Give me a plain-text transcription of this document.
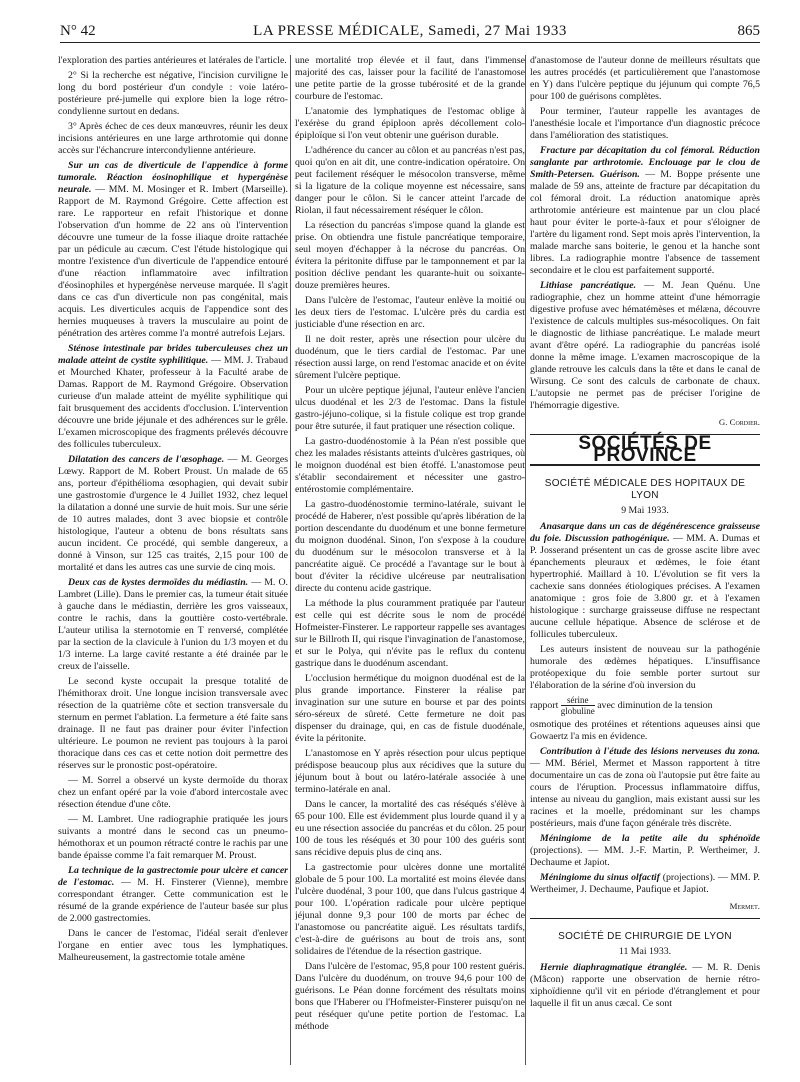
N° 42	LA PRESSE MÉDICALE, Samedi, 27 Mai 1933	865

l'exploration des parties antérieures et latérales de l'article.

2° Si la recherche est négative, l'incision curviligne le long du bord postérieur d'un condyle : voie latéro-postérieure pré-jumelle qui explore bien la loge rétro-condylienne surtout en dedans.

3° Après échec de ces deux manœuvres, réunir les deux incisions antérieures en une large arthrotomie qui donne accès sur l'échancrure intercondylienne antérieure.

Sur un cas de diverticule de l'appendice à forme tumorale. Réaction éosinophilique et hypergénèse neurale. — MM. M. Mosinger et R. Imbert (Marseille). Rapport de M. Raymond Grégoire. Cette affection est rare. Le rapporteur en refait l'historique et donne l'observation d'un homme de 22 ans où l'intervention découvre une tumeur de la fosse iliaque droite rattachée par un pédicule au cæcum. C'est l'étude histologique qui montre l'existence d'un diverticule de l'appendice entouré d'une réaction inflammatoire avec infiltration d'éosinophiles et hypergénèse nerveuse marquée. Il s'agit dans ce cas d'un diverticule non pas congénital, mais acquis. Les diverticules acquis de l'appendice sont des hernies muqueuses à travers la musculaire au point de pénétration des artères comme l'a montré autrefois Lejars.

Sténose intestinale par brides tuberculeuses chez un malade atteint de cystite syphilitique. — MM. J. Trabaud et Mourched Khater, professeur à la Faculté arabe de Damas. Rapport de M. Raymond Grégoire. Observation curieuse d'un malade atteint de myélite syphilitique qui fait brusquement des accidents d'occlusion. L'intervention découvre une bride jéjunale et des adhérences sur le grêle. L'examen microscopique des fragments prélevés découvre des follicules tuberculeux.

Dilatation des cancers de l'œsophage. — M. Georges Lœwy. Rapport de M. Robert Proust. Un malade de 65 ans, porteur d'épithélioma œsophagien, qui devait subir une gastrostomie d'urgence le 4 Juillet 1932, chez lequel la dilatation a donné une survie de huit mois. Sur une série de 10 autres malades, dont 3 avec biopsie et contrôle histologique, l'auteur a obtenu de bons résultats sans aucun incident. Ce procédé, qui semble dangereux, a donné à Vinson, sur 125 cas traités, 2,15 pour 100 de mortalité et dans les autres cas une survie de cinq mois.

Deux cas de kystes dermoïdes du médiastin. — M. O. Lambret (Lille). Dans le premier cas, la tumeur était située à gauche dans le médiastin, derrière les gros vaisseaux, contre le rachis, dans la gouttière costo-vertébrale. L'auteur utilisa la sternotomie en T renversé, complétée par la section de la clavicule à l'union du 1/3 moyen et du 1/3 interne. La large cavité restante a été drainée par le creux de l'aisselle.

Le second kyste occupait la presque totalité de l'hémithorax droit. Une longue incision transversale avec résection de la quatrième côte et section transversale du sternum en permet l'ablation. La fermeture a été faite sans drainage. Il ne faut pas drainer pour éviter l'infection ultérieure. Le poumon ne revient pas toujours à la paroi thoracique dans ces cas et cette notion doit permettre des réserves sur le pronostic post-opératoire.

— M. Sorrel a observé un kyste dermoïde du thorax chez un enfant opéré par la voie d'abord intercostale avec résection étendue d'une côte.

— M. Lambret. Une radiographie pratiquée les jours suivants a montré dans le second cas un pneumo-hémothorax et un poumon rétracté contre le rachis par une bande épaisse comme l'a fait remarquer M. Proust.

La technique de la gastrectomie pour ulcère et cancer de l'estomac. — M. H. Finsterer (Vienne), membre correspondant étranger. Cette communication est le résumé de la grande expérience de l'auteur basée sur plus de 2.000 gastrectomies.

Dans le cancer de l'estomac, l'idéal serait d'enlever l'organe en entier avec tous les lymphatiques. Malheureusement, la gastrectomie totale amène

une mortalité trop élevée et il faut, dans l'immense majorité des cas, laisser pour la facilité de l'anastomose une petite partie de la grosse tubérosité et de la grande courbure de l'estomac.

L'anatomie des lymphatiques de l'estomac oblige à l'exérèse du grand épiploon après décollement colo-épiploïque si l'on veut obtenir une guérison durable.

L'adhérence du cancer au côlon et au pancréas n'est pas, quoi qu'on en ait dit, une contre-indication opératoire. On peut facilement réséquer le mésocolon transverse, même si la ligature de la colique moyenne est nécessaire, sans danger pour le côlon. Si le cancer atteint l'arcade de Riolan, il faut nécessairement réséquer le côlon.

La résection du pancréas s'impose quand la glande est prise. On obtiendra une fistule pancréatique temporaire, seul moyen d'échapper à la nécrose du pancréas. On évitera la péritonite diffuse par le tamponnement et par la position déclive pendant les quarante-huit ou soixante-douze premières heures.

Dans l'ulcère de l'estomac, l'auteur enlève la moitié ou les deux tiers de l'estomac. L'ulcère près du cardia est justiciable d'une résection en arc.

Il ne doit rester, après une résection pour ulcère du duodénum, que le tiers cardial de l'estomac. Par une résection aussi large, on rend l'estomac anacide et on évite sûrement l'ulcère peptique.

Pour un ulcère peptique jéjunal, l'auteur enlève l'ancien ulcus duodénal et les 2/3 de l'estomac. Dans la fistule gastro-jéjuno-colique, si la fistule colique est trop grande pour être suturée, il faut pratiquer une résection colique.

La gastro-duodénostomie à la Péan n'est possible que chez les malades résistants atteints d'ulcères gastriques, où le moignon duodénal est bien étoffé. L'anastomose peut s'établir secondairement et nécessiter une gastro-entérostomie complémentaire.

La gastro-duodénostomie termino-latérale, suivant le procédé de Haberer, n'est possible qu'après libération de la portion descendante du duodénum et une bonne fermeture du moignon duodénal. Sinon, l'on s'expose à la coudure du duodénum sur le mésocolon transverse et à la pancréatite aiguë. Ce procédé a l'avantage sur le bout à bout d'éviter la récidive ulcéreuse par neutralisation directe du contenu acide gastrique.

La méthode la plus couramment pratiquée par l'auteur est celle qui est décrite sous le nom de procédé Hofmeister-Finsterer. Le rapporteur rappelle ses avantages sur le Billroth II, qui risque l'invagination de l'anastomose, et sur le Polya, qui n'évite pas le reflux du contenu gastrique dans le duodénum ascendant.

L'occlusion hermétique du moignon duodénal est de la plus grande importance. Finsterer la réalise par invagination sur une suture en bourse et par des points séro-séreux de sûreté. Cette fermeture ne doit pas dispenser du drainage, qui, en cas de fistule duodénale, évite la péritonite.

L'anastomose en Y après résection pour ulcus peptique prédispose beaucoup plus aux récidives que la suture du jéjunum bout à bout ou latéro-latérale associée à une termino-latérale en anal.

Dans le cancer, la mortalité des cas réséqués s'élève à 65 pour 100. Elle est évidemment plus lourde quand il y a eu une résection associée du pancréas et du côlon. 25 pour 100 de tous les réséqués et 30 pour 100 des guéris sont sans récidive depuis plus de cinq ans.

La gastrectomie pour ulcères donne une mortalité globale de 5 pour 100. La mortalité est moins élevée dans l'ulcère duodénal, 3 pour 100, que dans l'ulcus gastrique 4 pour 100. L'opération radicale pour ulcère peptique jéjunal donne 9,3 pour 100 de morts par échec de l'anastomose ou pancréatite aiguë. Les résultats tardifs, c'est-à-dire de guérisons au bout de trois ans, sont solidaires de l'étendue de la résection gastrique.

Dans l'ulcère de l'estomac, 95,8 pour 100 restent guéris. Dans l'ulcère du duodénum, on trouve 94,6 pour 100 de guérisons. Le Péan donne forcément des résultats moins bons que l'Haberer ou l'Hofmeister-Finsterer puisqu'on ne peut réséquer qu'une petite portion de l'estomac. La méthode

d'anastomose de l'auteur donne de meilleurs résultats que les autres procédés (et particulièrement que l'anastomose en Y) dans l'ulcère peptique du jéjunum qui compte 76,5 pour 100 de guérisons complètes.

Pour terminer, l'auteur rappelle les avantages de l'anesthésie locale et l'importance d'un diagnostic précoce dans l'amélioration des statistiques.

Fracture par décapitation du col fémoral. Réduction sanglante par arthrotomie. Enclouage par le clou de Smith-Petersen. Guérison. — M. Boppe présente une malade de 59 ans, atteinte de fracture par décapitation du col fémoral droit. La réduction anatomique après arthrotomie antérieure est maintenue par un clou placé haut pour éviter le porte-à-faux et pour s'éloigner de l'artère du ligament rond. Sept mois après l'intervention, la malade marche sans boiterie, le genou et la hanche sont libres. La radiographie montre l'absence de tassement secondaire et le clou est parfaitement supporté.

Lithiase pancréatique. — M. Jean Quénu. Une radiographie, chez un homme atteint d'une hémorragie digestive profuse avec hématémèses et mélæna, découvre l'existence de calculs multiples sus-mésocoliques. On fait le diagnostic de lithiase pancréatique. Le malade meurt avant d'être opéré. La radiographie du pancréas isolé donne la même image. L'examen macroscopique de la glande retrouve les calculs dans la tête et dans le canal de Wirsung. Ce sont des calculs de carbonate de chaux. L'autopsie ne permet pas de préciser l'origine de l'hémorragie digestive.

G. Cordier.

SOCIÉTÉS DE PROVINCE

SOCIÉTÉ MÉDICALE DES HOPITAUX DE LYON

9 Mai 1933.

Anasarque dans un cas de dégénérescence graisseuse du foie. Discussion pathogénique. — MM. A. Dumas et P. Josserand présentent un cas de grosse ascite libre avec épanchements pleuraux et œdèmes, le foie étant hypertrophié. Maillard à 10. L'évolution se fit vers la cachexie sans données étiologiques précises. A l'examen anatomique : gros foie de 3.800 gr. et à l'examen histologique : surcharge graisseuse diffuse ne respectant aucune cellule hépatique. Absence de sclérose et de follicules tuberculeux.

Les auteurs insistent de nouveau sur la pathogénie humorale des œdèmes hépatiques. L'insuffisance protéopexique du foie semble porter surtout sur l'élaboration de la sérine d'où inversion du

rapport $\frac{\text{sérine}}{\text{globuline}}$ avec diminution de la tension

osmotique des protéines et rétentions aqueuses ainsi que Gowaertz l'a mis en évidence.

Contribution à l'étude des lésions nerveuses du zona. — MM. Bériel, Mermet et Masson rapportent à titre documentaire un cas de zona où l'autopsie put être faite au cours de l'éruption. Processus inflammatoire diffus, intense au niveau du ganglion, mais existant aussi sur les racines et la moelle, prédominant sur les champs postérieurs, mais d'une façon générale très discrète.

Méningiome de la petite aile du sphénoïde (projections). — MM. J.-F. Martin, P. Wertheimer, J. Dechaume et Japiot.

Méningiome du sinus olfactif (projections). — MM. P. Wertheimer, J. Dechaume, Paufique et Japiot.

Mermet.

SOCIÉTÉ DE CHIRURGIE DE LYON

11 Mai 1933.

Hernie diaphragmatique étranglée. — M. R. Denis (Mâcon) rapporte une observation de hernie rétro-xiphoïdienne qu'il vit en période d'étranglement et pour laquelle il fit un anus cæcal. Ce sont
